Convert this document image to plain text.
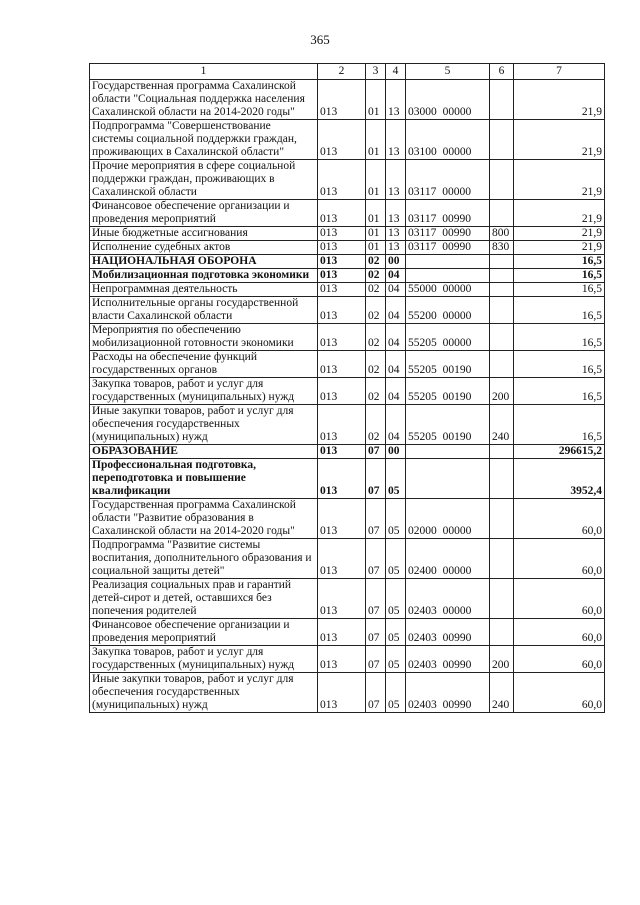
365
1	2	3	4	5	6	7
Государственная программа Сахалинской области "Социальная поддержка населения Сахалинской области на 2014-2020 годы"	013	01	13	03000 00000		21,9
Подпрограмма "Совершенствование системы социальной поддержки граждан, проживающих в Сахалинской области"	013	01	13	03100 00000		21,9
Прочие мероприятия в сфере социальной поддержки граждан, проживающих в Сахалинской области	013	01	13	03117 00000		21,9
Финансовое обеспечение организации и проведения мероприятий	013	01	13	03117 00990		21,9
Иные бюджетные ассигнования	013	01	13	03117 00990	800	21,9
Исполнение судебных актов	013	01	13	03117 00990	830	21,9
НАЦИОНАЛЬНАЯ ОБОРОНА	013	02	00			16,5
Мобилизационная подготовка экономики	013	02	04			16,5
Непрограммная деятельность	013	02	04	55000 00000		16,5
Исполнительные органы государственной власти Сахалинской области	013	02	04	55200 00000		16,5
Мероприятия по обеспечению мобилизационной готовности экономики	013	02	04	55205 00000		16,5
Расходы на обеспечение функций государственных органов	013	02	04	55205 00190		16,5
Закупка товаров, работ и услуг для государственных (муниципальных) нужд	013	02	04	55205 00190	200	16,5
Иные закупки товаров, работ и услуг для обеспечения государственных (муниципальных) нужд	013	02	04	55205 00190	240	16,5
ОБРАЗОВАНИЕ	013	07	00			296615,2
Профессиональная подготовка, переподготовка и повышение квалификации	013	07	05			3952,4
Государственная программа Сахалинской области "Развитие образования в Сахалинской области на 2014-2020 годы"	013	07	05	02000 00000		60,0
Подпрограмма "Развитие системы воспитания, дополнительного образования и социальной защиты детей"	013	07	05	02400 00000		60,0
Реализация социальных прав и гарантий детей-сирот и детей, оставшихся без попечения родителей	013	07	05	02403 00000		60,0
Финансовое обеспечение организации и проведения мероприятий	013	07	05	02403 00990		60,0
Закупка товаров, работ и услуг для государственных (муниципальных) нужд	013	07	05	02403 00990	200	60,0
Иные закупки товаров, работ и услуг для обеспечения государственных (муниципальных) нужд	013	07	05	02403 00990	240	60,0
